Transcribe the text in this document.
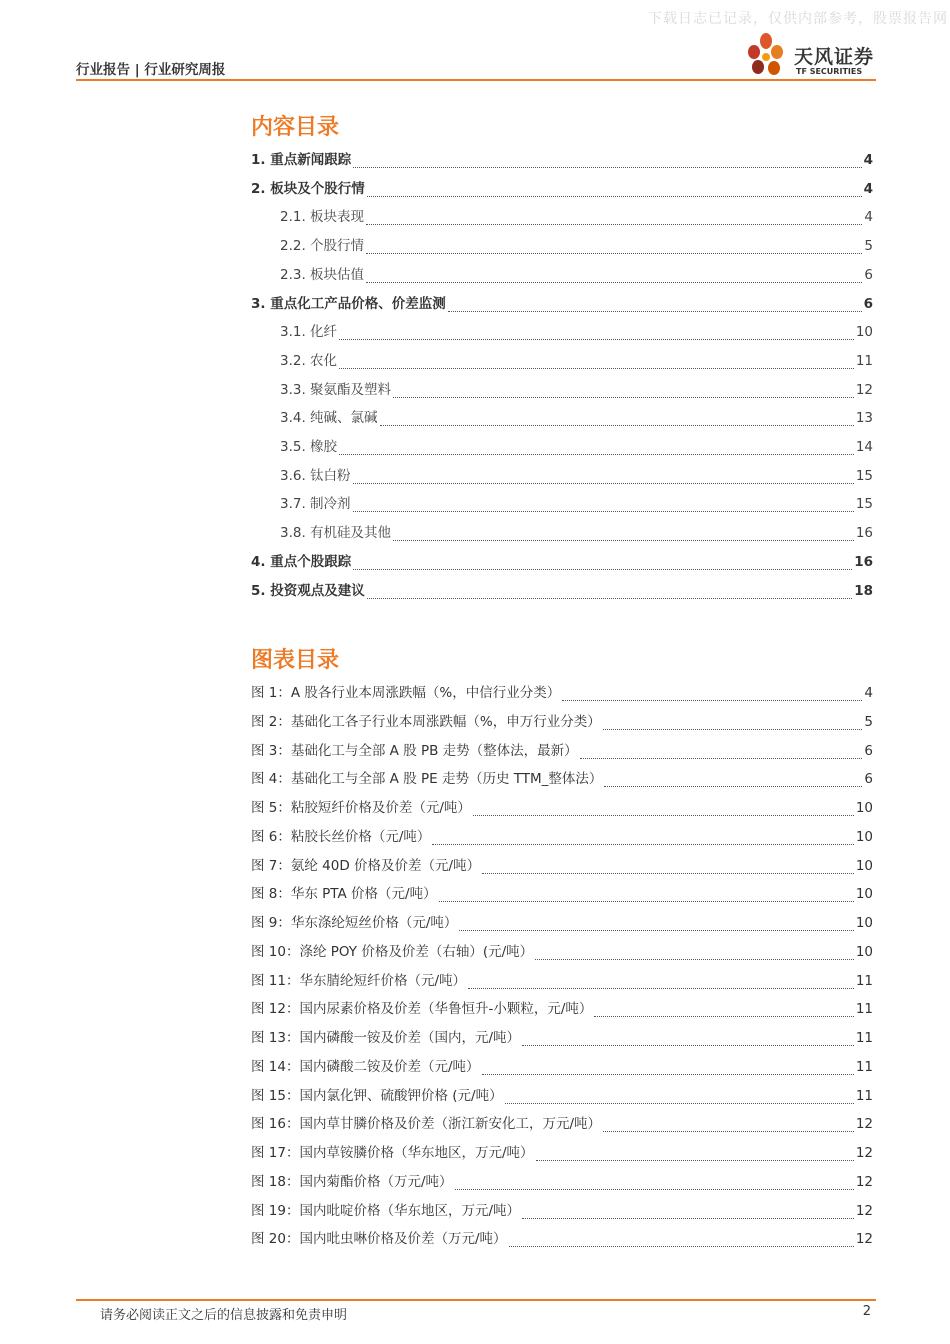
下载日志已记录，仅供内部参考，股票报告网
行业报告 | 行业研究周报
天风证券
TF SECURITIES
内容目录
1. 重点新闻跟踪	4
2. 板块及个股行情	4
2.1. 板块表现	4
2.2. 个股行情	5
2.3. 板块估值	6
3. 重点化工产品价格、价差监测	6
3.1. 化纤	10
3.2. 农化	11
3.3. 聚氨酯及塑料	12
3.4. 纯碱、氯碱	13
3.5. 橡胶	14
3.6. 钛白粉	15
3.7. 制冷剂	15
3.8. 有机硅及其他	16
4. 重点个股跟踪	16
5. 投资观点及建议	18
图表目录
图 1：A 股各行业本周涨跌幅（%，中信行业分类）	4
图 2：基础化工各子行业本周涨跌幅（%，申万行业分类）	5
图 3：基础化工与全部 A 股 PB 走势（整体法，最新）	6
图 4：基础化工与全部 A 股 PE 走势（历史 TTM_整体法）	6
图 5：粘胶短纤价格及价差（元/吨）	10
图 6：粘胶长丝价格（元/吨）	10
图 7：氨纶 40D 价格及价差（元/吨）	10
图 8：华东 PTA 价格（元/吨）	10
图 9：华东涤纶短丝价格（元/吨）	10
图 10：涤纶 POY 价格及价差（右轴）(元/吨）	10
图 11：华东腈纶短纤价格（元/吨）	11
图 12：国内尿素价格及价差（华鲁恒升-小颗粒，元/吨）	11
图 13：国内磷酸一铵及价差（国内，元/吨）	11
图 14：国内磷酸二铵及价差（元/吨）	11
图 15：国内氯化钾、硫酸钾价格 (元/吨）	11
图 16：国内草甘膦价格及价差（浙江新安化工，万元/吨）	12
图 17：国内草铵膦价格（华东地区，万元/吨）	12
图 18：国内菊酯价格（万元/吨）	12
图 19：国内吡啶价格（华东地区，万元/吨）	12
图 20：国内吡虫啉价格及价差（万元/吨）	12
请务必阅读正文之后的信息披露和免责申明	2
